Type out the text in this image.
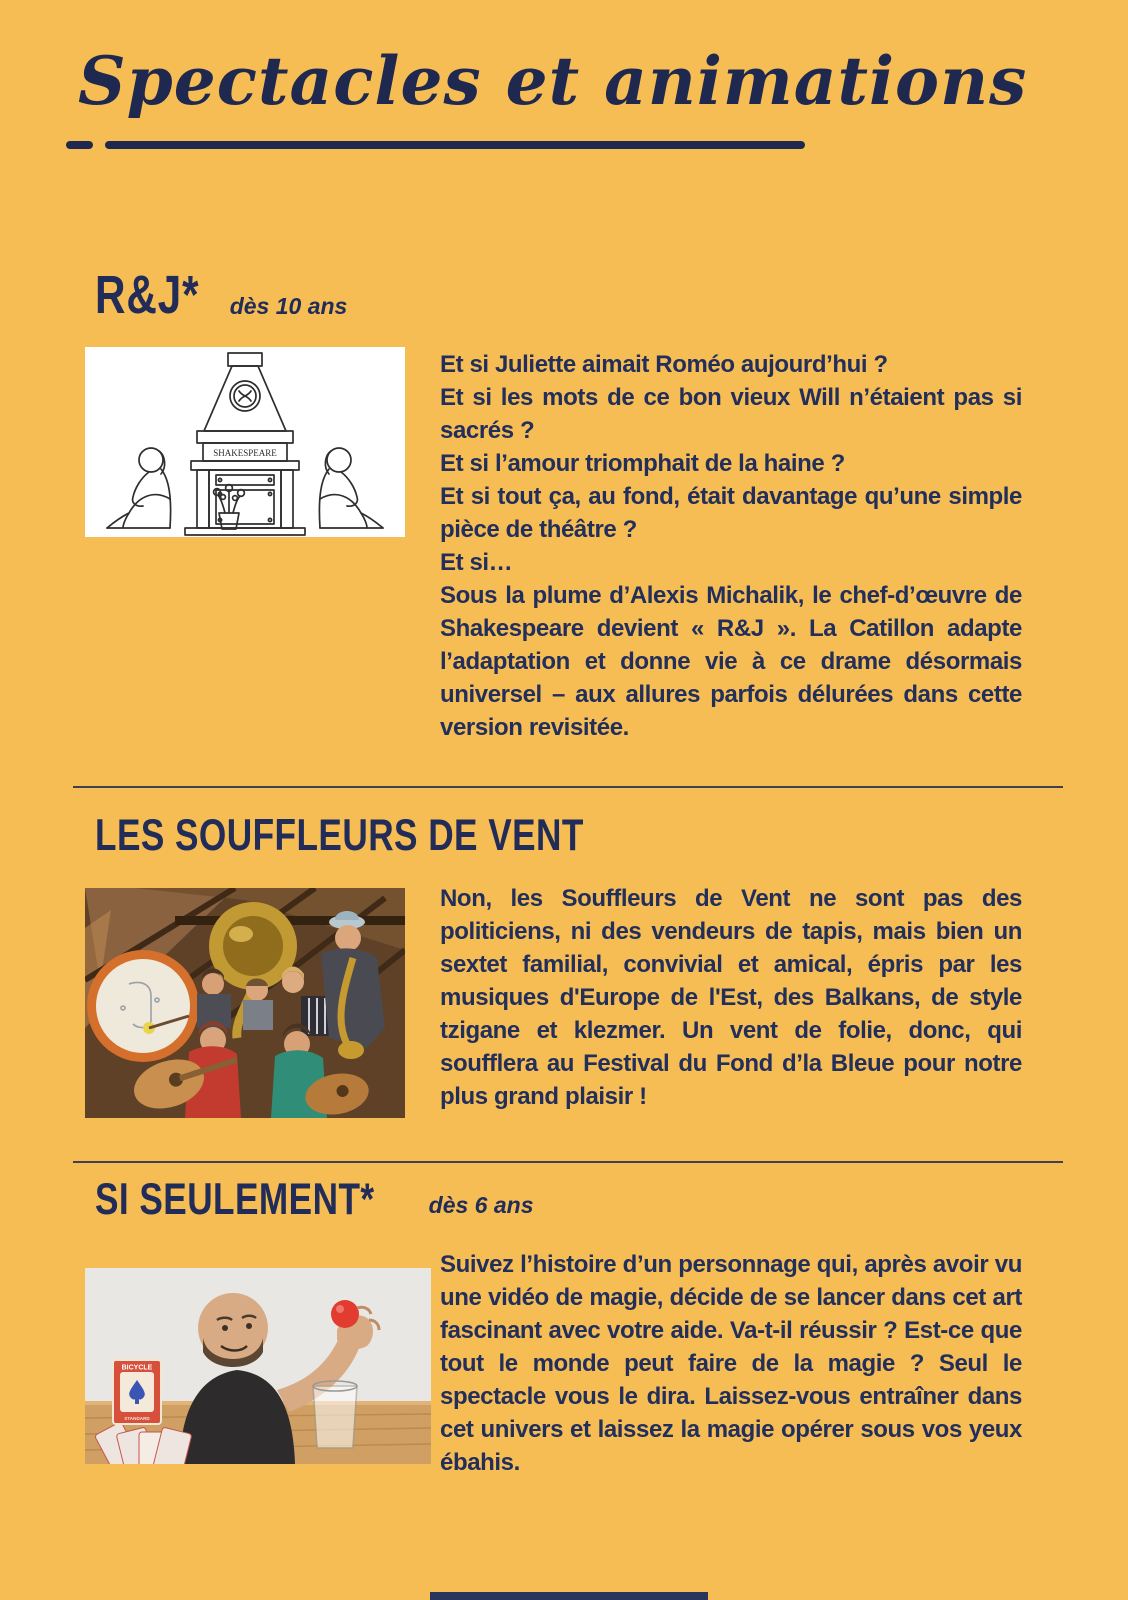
Spectacles et animations
R&J* dès 10 ans
SHAKESPEARE

Et si Juliette aimait Roméo aujourd’hui ?

Et si les mots de ce bon vieux Will n’étaient pas si sacrés ?

Et si l’amour triomphait de la haine ?

Et si tout ça, au fond, était davantage qu’une simple pièce de théâtre ?

Et si…

Sous la plume d’Alexis Michalik, le chef-d’œuvre de Shakespeare devient « R&J ». La Catillon adapte l’adaptation et donne vie à ce drame désormais universel – aux allures parfois délurées dans cette version revisitée.

LES SOUFFLEURS DE VENT

Non, les Souffleurs de Vent ne sont pas des politiciens, ni des vendeurs de tapis, mais bien un sextet familial, convivial et amical, épris par les musiques d'Europe de l'Est, des Balkans, de style tzigane et klezmer. Un vent de folie, donc, qui soufflera au Festival du Fond d’la Bleue pour notre plus grand plaisir !

SI SEULEMENT* dès 6 ans
BICYCLE
STANDARD

Suivez l’histoire d’un personnage qui, après avoir vu une vidéo de magie, décide de se lancer dans cet art fascinant avec votre aide. Va-t-il réussir ? Est-ce que tout le monde peut faire de la magie ? Seul le spectacle vous le dira. Laissez-vous entraîner dans cet univers et laissez la magie opérer sous vos yeux ébahis.
